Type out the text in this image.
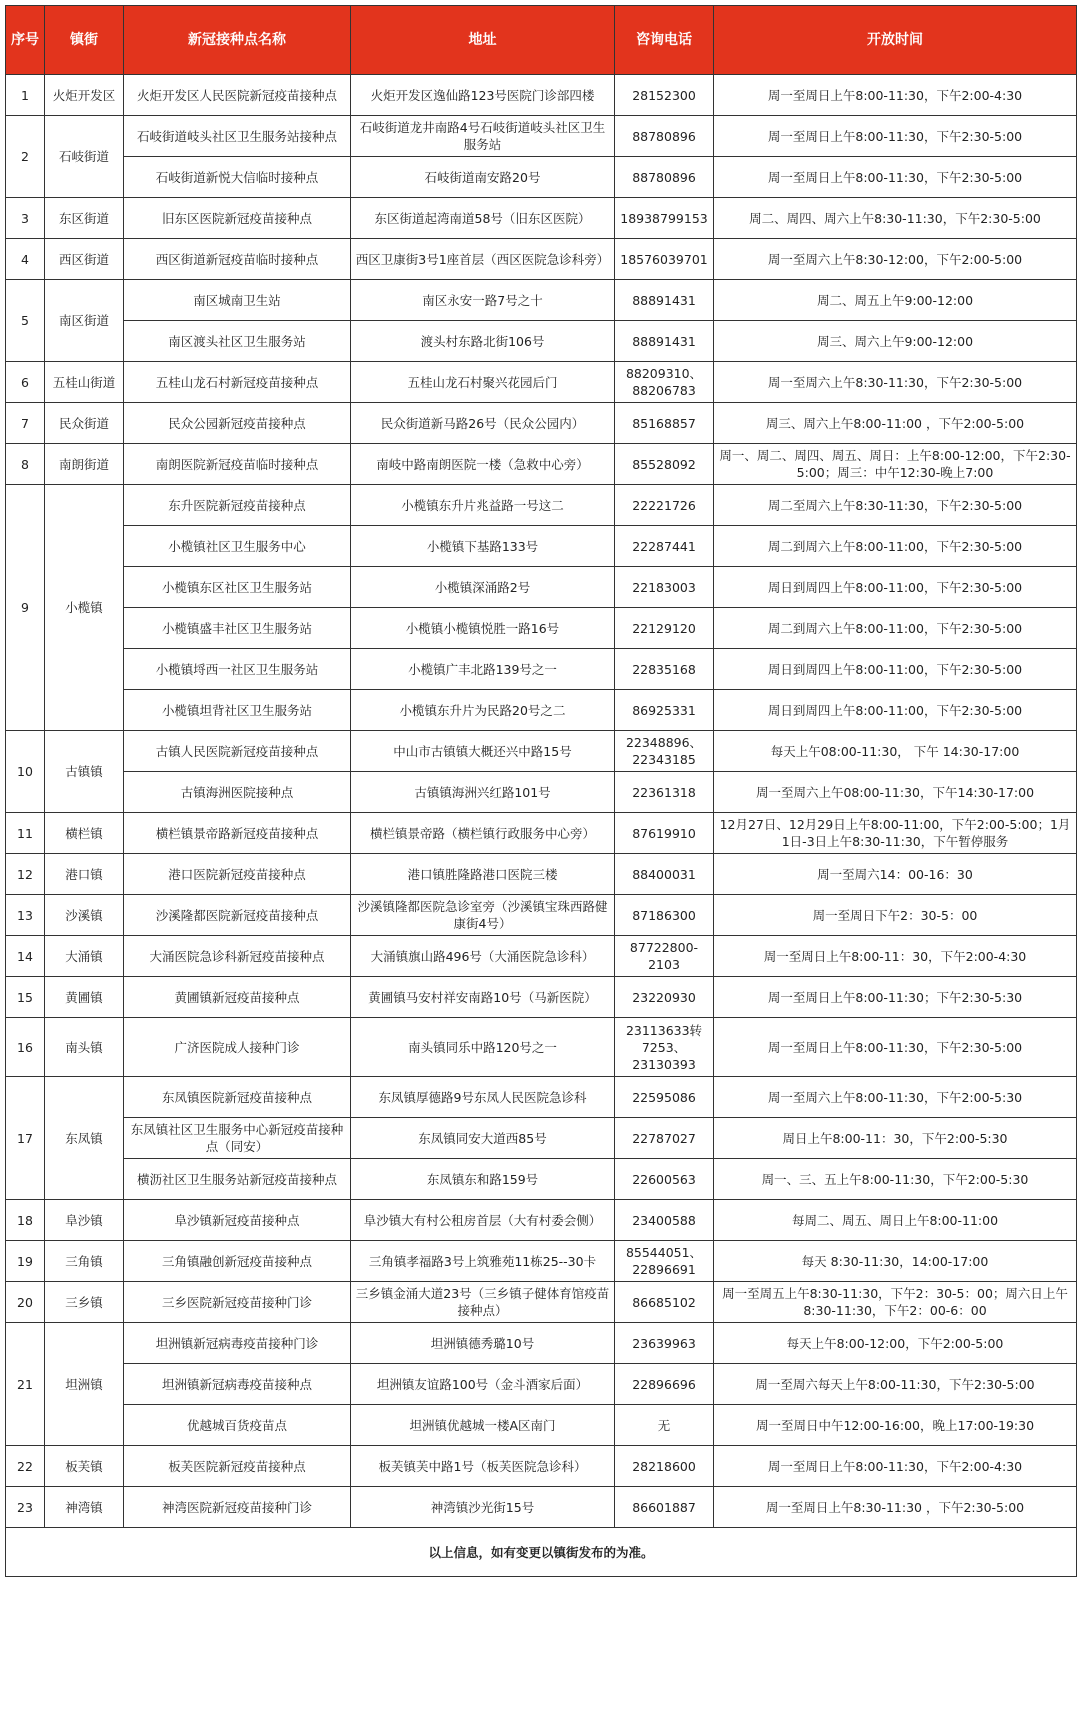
序号	镇街	新冠接种点名称	地址	咨询电话	开放时间
1	火炬开发区	火炬开发区人民医院新冠疫苗接种点	火炬开发区逸仙路123号医院门诊部四楼	28152300	周一至周日上午8:00-11:30，下午2:00-4:30
2	石岐街道	石岐街道岐头社区卫生服务站接种点	石岐街道龙井南路4号石岐街道岐头社区卫生服务站	88780896	周一至周日上午8:00-11:30，下午2:30-5:00
		石岐街道新悦大信临时接种点	石岐街道南安路20号	88780896	周一至周日上午8:00-11:30，下午2:30-5:00
3	东区街道	旧东区医院新冠疫苗接种点	东区街道起湾南道58号（旧东区医院）	18938799153	周二、周四、周六上午8:30-11:30，下午2:30-5:00
4	西区街道	西区街道新冠疫苗临时接种点	西区卫康街3号1座首层（西区医院急诊科旁）	18576039701	周一至周六上午8:30-12:00，下午2:00-5:00
5	南区街道	南区城南卫生站	南区永安一路7号之十	88891431	周二、周五上午9:00-12:00
		南区渡头社区卫生服务站	渡头村东路北街106号	88891431	周三、周六上午9:00-12:00
6	五桂山街道	五桂山龙石村新冠疫苗接种点	五桂山龙石村聚兴花园后门	88209310、88206783	周一至周六上午8:30-11:30，下午2:30-5:00
7	民众街道	民众公园新冠疫苗接种点	民众街道新马路26号（民众公园内）	85168857	周三、周六上午8:00-11:00 ，下午2:00-5:00
8	南朗街道	南朗医院新冠疫苗临时接种点	南岐中路南朗医院一楼（急救中心旁）	85528092	周一、周二、周四、周五、周日：上午8:00-12:00，下午2:30-5:00；周三：中午12:30-晚上7:00
9	小榄镇	东升医院新冠疫苗接种点	小榄镇东升片兆益路一号这二	22221726	周二至周六上午8:30-11:30，下午2:30-5:00
		小榄镇社区卫生服务中心	小榄镇下基路133号	22287441	周二到周六上午8:00-11:00，下午2:30-5:00
		小榄镇东区社区卫生服务站	小榄镇深涌路2号	22183003	周日到周四上午8:00-11:00，下午2:30-5:00
		小榄镇盛丰社区卫生服务站	小榄镇小榄镇悦胜一路16号	22129120	周二到周六上午8:00-11:00，下午2:30-5:00
		小榄镇埒西一社区卫生服务站	小榄镇广丰北路139号之一	22835168	周日到周四上午8:00-11:00，下午2:30-5:00
		小榄镇坦背社区卫生服务站	小榄镇东升片为民路20号之二	86925331	周日到周四上午8:00-11:00，下午2:30-5:00
10	古镇镇	古镇人民医院新冠疫苗接种点	中山市古镇镇大概还兴中路15号	22348896、22343185	每天上午08:00-11:30， 下午 14:30-17:00
		古镇海洲医院接种点	古镇镇海洲兴红路101号	22361318	周一至周六上午08:00-11:30，下午14:30-17:00
11	横栏镇	横栏镇景帝路新冠疫苗接种点	横栏镇景帝路（横栏镇行政服务中心旁）	87619910	12月27日、12月29日上午8:00-11:00，下午2:00-5:00；1月1日-3日上午8:30-11:30，下午暂停服务
12	港口镇	港口医院新冠疫苗接种点	港口镇胜隆路港口医院三楼	88400031	周一至周六14：00-16：30
13	沙溪镇	沙溪隆都医院新冠疫苗接种点	沙溪镇隆都医院急诊室旁（沙溪镇宝珠西路健康街4号）	87186300	周一至周日下午2：30-5：00
14	大涌镇	大涌医院急诊科新冠疫苗接种点	大涌镇旗山路496号（大涌医院急诊科）	87722800-2103	周一至周日上午8:00-11：30，下午2:00-4:30
15	黄圃镇	黄圃镇新冠疫苗接种点	黄圃镇马安村祥安南路10号（马新医院）	23220930	周一至周日上午8:00-11:30；下午2:30-5:30
16	南头镇	广济医院成人接种门诊	南头镇同乐中路120号之一	23113633转7253、23130393	周一至周日上午8:00-11:30，下午2:30-5:00
17	东凤镇	东凤镇医院新冠疫苗接种点	东凤镇厚德路9号东凤人民医院急诊科	22595086	周一至周六上午8:00-11:30，下午2:00-5:30
		东凤镇社区卫生服务中心新冠疫苗接种点（同安）	东凤镇同安大道西85号	22787027	周日上午8:00-11：30，下午2:00-5:30
		横沥社区卫生服务站新冠疫苗接种点	东凤镇东和路159号	22600563	周一、三、五上午8:00-11:30，下午2:00-5:30
18	阜沙镇	阜沙镇新冠疫苗接种点	阜沙镇大有村公租房首层（大有村委会侧）	23400588	每周二、周五、周日上午8:00-11:00
19	三角镇	三角镇融创新冠疫苗接种点	三角镇孝福路3号上筑雅苑11栋25--30卡	85544051、22896691	每天 8:30-11:30，14:00-17:00
20	三乡镇	三乡医院新冠疫苗接种门诊	三乡镇金涌大道23号（三乡镇子健体育馆疫苗接种点）	86685102	周一至周五上午8:30-11:30，下午2：30-5：00；周六日上午8:30-11:30，下午2：00-6：00
21	坦洲镇	坦洲镇新冠病毒疫苗接种门诊	坦洲镇德秀璐10号	23639963	每天上午8:00-12:00，下午2:00-5:00
		坦洲镇新冠病毒疫苗接种点	坦洲镇友谊路100号（金斗酒家后面）	22896696	周一至周六每天上午8:00-11:30，下午2:30-5:00
		优越城百货疫苗点	坦洲镇优越城一楼A区南门	无	周一至周日中午12:00-16:00，晚上17:00-19:30
22	板芙镇	板芙医院新冠疫苗接种点	板芙镇芙中路1号（板芙医院急诊科）	28218600	周一至周日上午8:00-11:30，下午2:00-4:30
23	神湾镇	神湾医院新冠疫苗接种门诊	神湾镇沙光街15号	86601887	周一至周日上午8:30-11:30 ，下午2:30-5:00
以上信息，如有变更以镇街发布的为准。					
